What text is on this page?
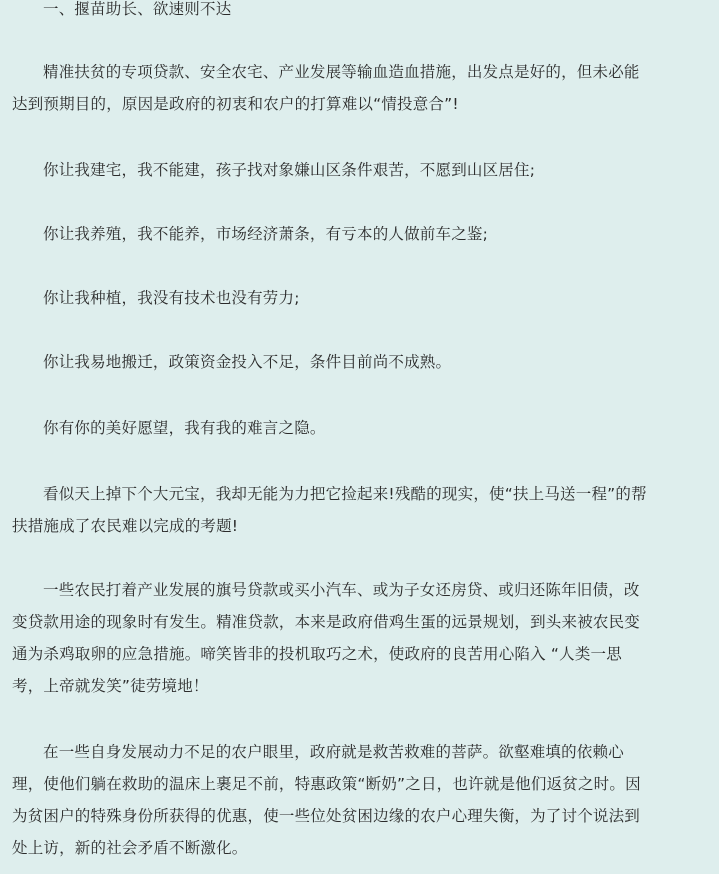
一、揠苗助长、欲速则不达

精准扶贫的专项贷款、安全农宅、产业发展等输血造血措施，出发点是好的，但未必能达到预期目的，原因是政府的初衷和农户的打算难以“情投意合”!

你让我建宅，我不能建，孩子找对象嫌山区条件艰苦，不愿到山区居住;

你让我养殖，我不能养，市场经济萧条，有亏本的人做前车之鉴;

你让我种植，我没有技术也没有劳力;

你让我易地搬迁，政策资金投入不足，条件目前尚不成熟。

你有你的美好愿望，我有我的难言之隐。

看似天上掉下个大元宝，我却无能为力把它捡起来!残酷的现实，使“扶上马送一程”的帮扶措施成了农民难以完成的考题!

一些农民打着产业发展的旗号贷款或买小汽车、或为子女还房贷、或归还陈年旧债，改变贷款用途的现象时有发生。精准贷款，本来是政府借鸡生蛋的远景规划，到头来被农民变通为杀鸡取卵的应急措施。啼笑皆非的投机取巧之术，使政府的良苦用心陷入 “人类一思考，上帝就发笑”徒劳境地！

在一些自身发展动力不足的农户眼里，政府就是救苦救难的菩萨。欲壑难填的依赖心理，使他们躺在救助的温床上裹足不前，特惠政策“断奶”之日，也许就是他们返贫之时。因为贫困户的特殊身份所获得的优惠，使一些位处贫困边缘的农户心理失衡，为了讨个说法到处上访，新的社会矛盾不断激化。
